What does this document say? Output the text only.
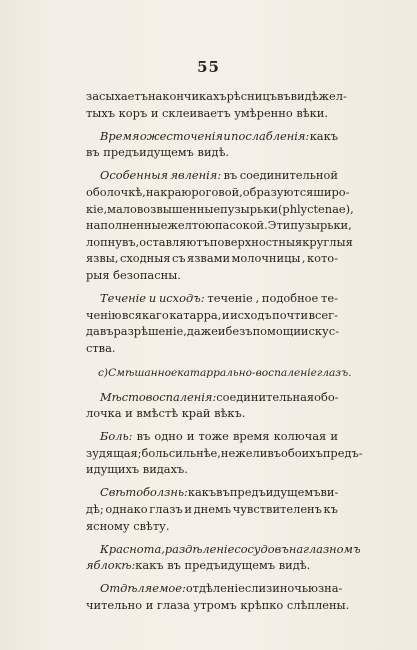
55
засыхаетъ на кончикахъ рѣсницъ въ видѣ жел-
тыхъ коръ и склеиваетъ умѣренно вѣки.
Время ожесточенія и послабленія: какъ
въ предъидущемъ видѣ.
Особенныя явленія: въ соединительной
оболочкѣ, на краю роговой, образуются широ-
кіе , маловозвышенные пузырьки (phlyctenae),
наполненные желтою пасокой. Эти пузырьки,
лопнувъ, оставляютъ поверхностныя круглыя
язвы, сходныя съ язвами молочницы , кото-
рыя безопасны.
Теченіе и исходъ: теченіе , подобное те-
ченію всякаго катарра, и исходъ почти всег-
да въ разрѣшеніе, даже и безъ помощи искус-
ства.
c) Смѣшанное катаррально-воспаленіе глазъ.
Мѣсто воспаленія: соединительная обо-
лочка и вмѣстѣ край вѣкъ.
Боль: въ одно и тоже время колючая и
зудящая; боль сильнѣе, нежели въ обоихъ предъ-
идущихъ видахъ.
Свѣтоболзнь: какъ въ предъидущемъ ви-
дѣ; однако глазъ и днемъ чувствителенъ къ
ясному свѣту.
Краснота, раздѣленіе сосудовъ на глазномъ
яблокѣ: какъ въ предъидущемъ видѣ.
Отдѣляемое: отдѣленіе слизи ночью зна-
чительно и глаза утромъ крѣпко слѣплены.
